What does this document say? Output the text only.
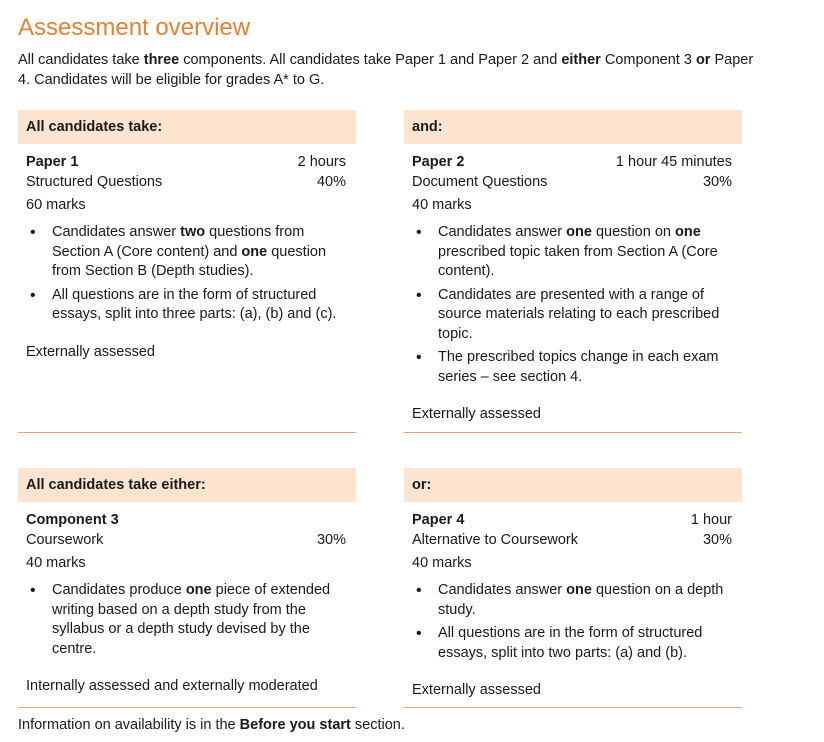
Assessment overview
All candidates take three components. All candidates take Paper 1 and Paper 2 and either Component 3 or Paper 4. Candidates will be eligible for grades A* to G.
All candidates take:
Paper 1	2 hours
Structured Questions	40%
60 marks
• Candidates answer two questions from Section A (Core content) and one question from Section B (Depth studies).
• All questions are in the form of structured essays, split into three parts: (a), (b) and (c).
Externally assessed
and:
Paper 2	1 hour 45 minutes
Document Questions	30%
40 marks
• Candidates answer one question on one prescribed topic taken from Section A (Core content).
• Candidates are presented with a range of source materials relating to each prescribed topic.
• The prescribed topics change in each exam series – see section 4.
Externally assessed
All candidates take either:
Component 3
Coursework	30%
40 marks
• Candidates produce one piece of extended writing based on a depth study from the syllabus or a depth study devised by the centre.
Internally assessed and externally moderated
or:
Paper 4	1 hour
Alternative to Coursework	30%
40 marks
• Candidates answer one question on a depth study.
• All questions are in the form of structured essays, split into two parts: (a) and (b).
Externally assessed
Information on availability is in the Before you start section.
